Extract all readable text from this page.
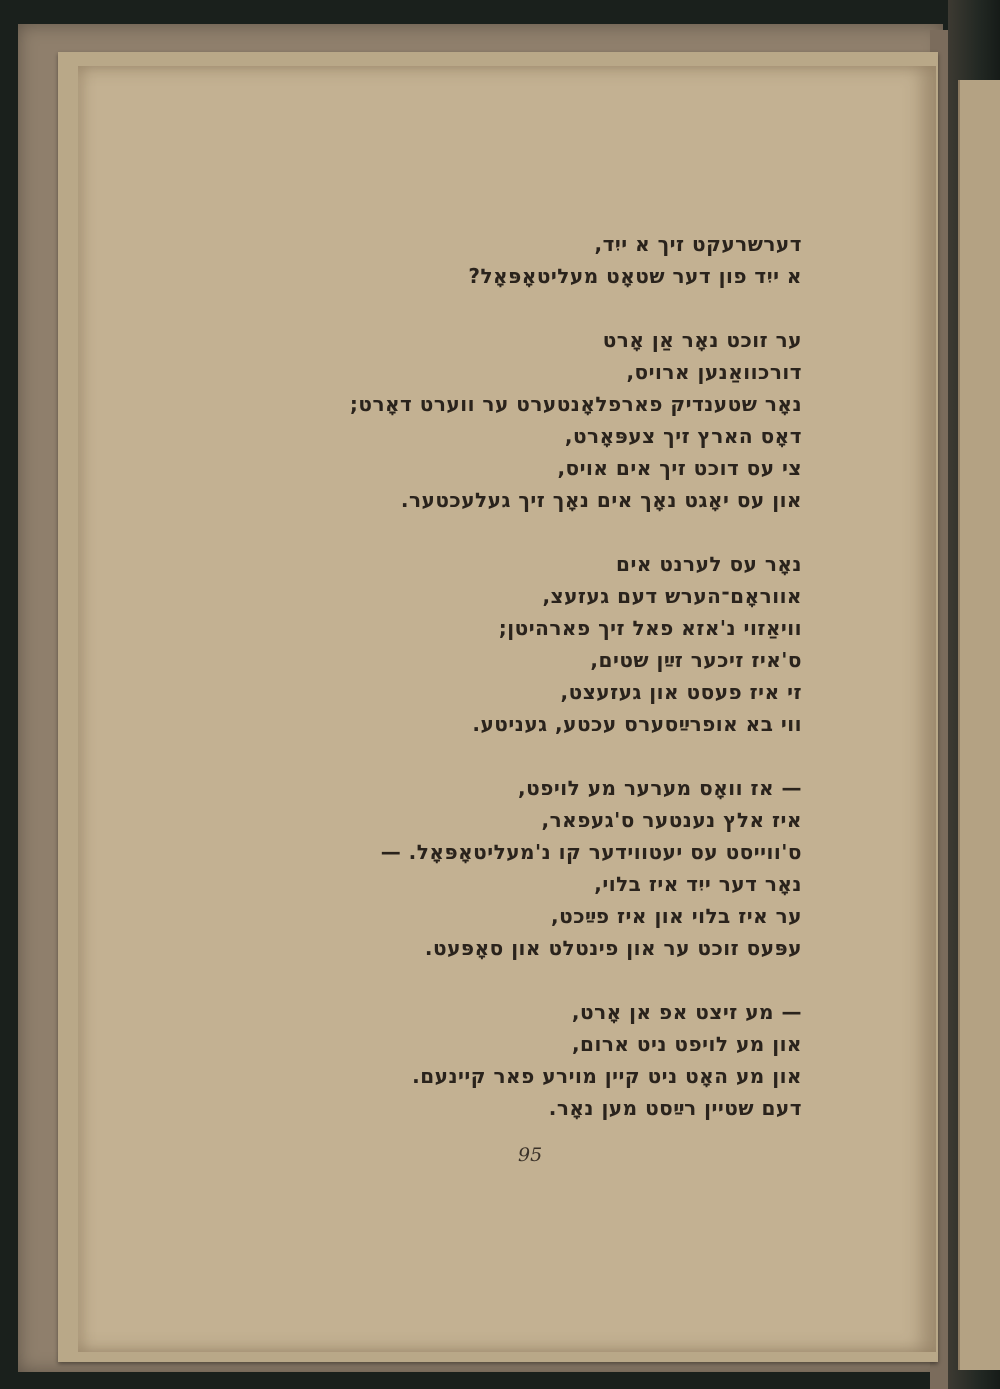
דערשרעקט זיך א ייִד,
א ייִד פון דער שטאָט מעליטאָפּאָל?
ער זוכט נאָר אַן אָרט
דורכוואַנען ארויס,
נאָר שטענדיק פארפלאָנטערט ער ווערט דאָרט;
דאָס הארץ זיך צעפּאָרט,
צי עס דוכט זיך אים אויס,
און עס יאָגט נאָך אים נאָך זיך געלעכטער.
נאָר עס לערנט אים
אווראָם־הערש דעם געזעצ,
וויאַזוי נ'אזא פאל זיך פארהיטן;
ס'איז זיכער זײַן שטים,
זי איז פעסט און געזעצט,
ווי בא אופרײַסערס עכטע, געניטע.
— אז וואָס מערער מע לויפט,
איז אלץ נענטער ס'געפאר,
ס'ווייסט עס יעטווידער קו נ'מעליטאָפּאָל. —
נאָר דער ייִד איז בלוי,
ער איז בלוי און איז פײַכט,
עפּעס זוכט ער און פינטלט און סאָפּעט.
— מע זיצט אפ אן אָרט,
און מע לויפט ניט ארום,
און מע האָט ניט קיין מוירע פאר קיינעם.
דעם שטיין רײַסט מען נאָר.
95
